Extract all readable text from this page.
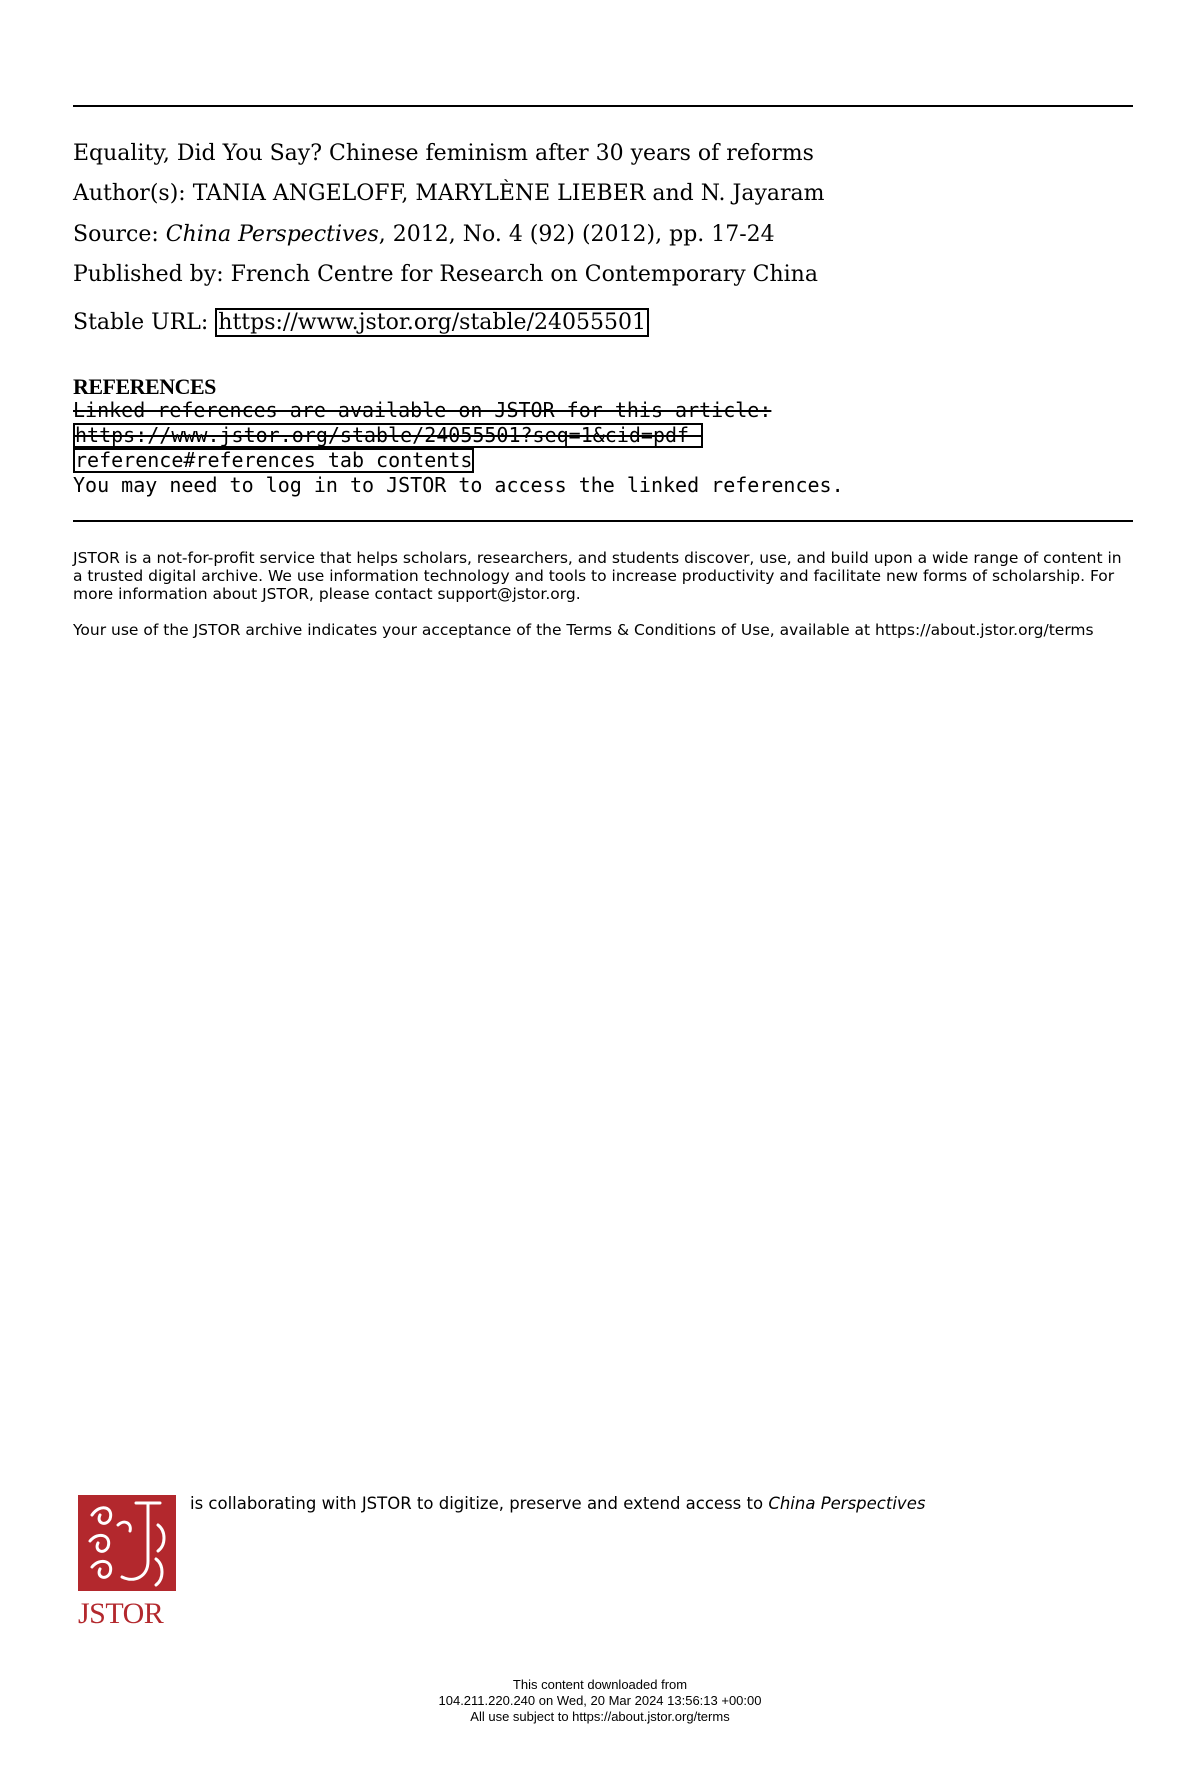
Equality, Did You Say? Chinese feminism after 30 years of reforms
Author(s): TANIA ANGELOFF, MARYLÈNE LIEBER and N. Jayaram
Source: China Perspectives, 2012, No. 4 (92) (2012), pp. 17-24
Published by: French Centre for Research on Contemporary China
Stable URL: https://www.jstor.org/stable/24055501
REFERENCES
Linked references are available on JSTOR for this article:
https://www.jstor.org/stable/24055501?seq=1&cid=pdf-
reference#references_tab_contents
You may need to log in to JSTOR to access the linked references.
JSTOR is a not-for-profit service that helps scholars, researchers, and students discover, use, and build upon a wide range of content in a trusted digital archive. We use information technology and tools to increase productivity and facilitate new forms of scholarship. For more information about JSTOR, please contact support@jstor.org.
Your use of the JSTOR archive indicates your acceptance of the Terms & Conditions of Use, available at https://about.jstor.org/terms
JSTOR
is collaborating with JSTOR to digitize, preserve and extend access to China Perspectives
This content downloaded from
104.211.220.240 on Wed, 20 Mar 2024 13:56:13 +00:00
All use subject to https://about.jstor.org/terms
